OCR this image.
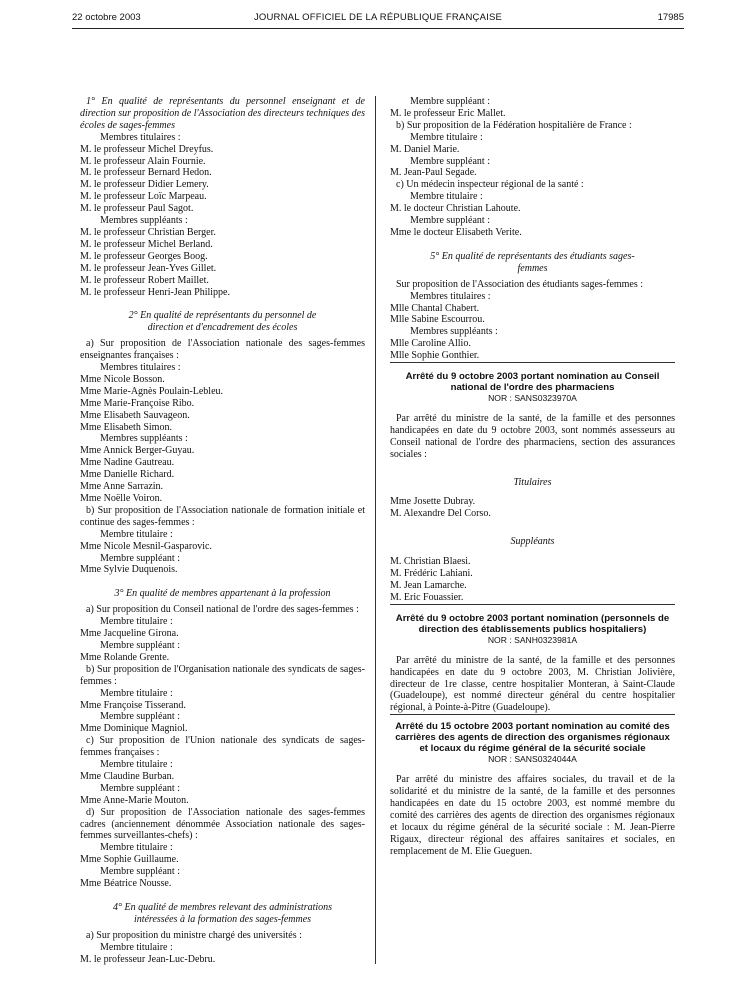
22 octobre 2003	JOURNAL OFFICIEL DE LA RÉPUBLIQUE FRANÇAISE	17985

1° En qualité de représentants du personnel enseignant et de direction sur proposition de l'Association des directeurs techniques des écoles de sages-femmes

Membres titulaires :

M. le professeur Michel Dreyfus.

M. le professeur Alain Fournie.

M. le professeur Bernard Hedon.

M. le professeur Didier Lemery.

M. le professeur Loïc Marpeau.

M. le professeur Paul Sagot.

Membres suppléants :

M. le professeur Christian Berger.

M. le professeur Michel Berland.

M. le professeur Georges Boog.

M. le professeur Jean-Yves Gillet.

M. le professeur Robert Maillet.

M. le professeur Henri-Jean Philippe.

2° En qualité de représentants du personnel de direction et d'encadrement des écoles

a) Sur proposition de l'Association nationale des sages-femmes enseignantes françaises :

Membres titulaires :

Mme Nicole Bosson.

Mme Marie-Agnès Poulain-Lebleu.

Mme Marie-Françoise Ribo.

Mme Elisabeth Sauvageon.

Mme Elisabeth Simon.

Membres suppléants :

Mme Annick Berger-Guyau.

Mme Nadine Gautreau.

Mme Danielle Richard.

Mme Anne Sarrazin.

Mme Noëlle Voiron.

b) Sur proposition de l'Association nationale de formation initiale et continue des sages-femmes :

Membre titulaire :

Mme Nicole Mesnil-Gasparovic.

Membre suppléant :

Mme Sylvie Duquenois.

3° En qualité de membres appartenant à la profession

a) Sur proposition du Conseil national de l'ordre des sages-femmes :

Membre titulaire :

Mme Jacqueline Girona.

Membre suppléant :

Mme Rolande Grente.

b) Sur proposition de l'Organisation nationale des syndicats de sages-femmes :

Membre titulaire :

Mme Françoise Tisserand.

Membre suppléant :

Mme Dominique Magniol.

c) Sur proposition de l'Union nationale des syndicats de sages-femmes françaises :

Membre titulaire :

Mme Claudine Burban.

Membre suppléant :

Mme Anne-Marie Mouton.

d) Sur proposition de l'Association nationale des sages-femmes cadres (anciennement dénommée Association nationale des sages-femmes surveillantes-chefs) :

Membre titulaire :

Mme Sophie Guillaume.

Membre suppléant :

Mme Béatrice Nousse.

4° En qualité de membres relevant des administrations intéressées à la formation des sages-femmes

a) Sur proposition du ministre chargé des universités :

Membre titulaire :

M. le professeur Jean-Luc-Debru.

Membre suppléant :

M. le professeur Eric Mallet.

b) Sur proposition de la Fédération hospitalière de France :

Membre titulaire :

M. Daniel Marie.

Membre suppléant :

M. Jean-Paul Segade.

c) Un médecin inspecteur régional de la santé :

Membre titulaire :

M. le docteur Christian Lahoute.

Membre suppléant :

Mme le docteur Elisabeth Verite.

5° En qualité de représentants des étudiants sages-femmes

Sur proposition de l'Association des étudiants sages-femmes :

Membres titulaires :

Mlle Chantal Chabert.

Mlle Sabine Escourrou.

Membres suppléants :

Mlle Caroline Allio.

Mlle Sophie Gonthier.

Arrêté du 9 octobre 2003 portant nomination au Conseil national de l'ordre des pharmaciens

NOR : SANS0323970A

Par arrêté du ministre de la santé, de la famille et des personnes handicapées en date du 9 octobre 2003, sont nommés assesseurs au Conseil national de l'ordre des pharmaciens, section des assurances sociales :

Titulaires

Mme Josette Dubray.

M. Alexandre Del Corso.

Suppléants

M. Christian Blaesi.

M. Frédéric Lahiani.

M. Jean Lamarche.

M. Eric Fouassier.

Arrêté du 9 octobre 2003 portant nomination (personnels de direction des établissements publics hospitaliers)

NOR : SANH0323981A

Par arrêté du ministre de la santé, de la famille et des personnes handicapées en date du 9 octobre 2003, M. Christian Jolivière, directeur de 1re classe, centre hospitalier Monteran, à Saint-Claude (Guadeloupe), est nommé directeur général du centre hospitalier régional, à Pointe-à-Pitre (Guadeloupe).

Arrêté du 15 octobre 2003 portant nomination au comité des carrières des agents de direction des organismes régionaux et locaux du régime général de la sécurité sociale

NOR : SANS0324044A

Par arrêté du ministre des affaires sociales, du travail et de la solidarité et du ministre de la santé, de la famille et des personnes handicapées en date du 15 octobre 2003, est nommé membre du comité des carrières des agents de direction des organismes régionaux et locaux du régime général de la sécurité sociale : M. Jean-Pierre Rigaux, directeur régional des affaires sanitaires et sociales, en remplacement de M. Elie Gueguen.
